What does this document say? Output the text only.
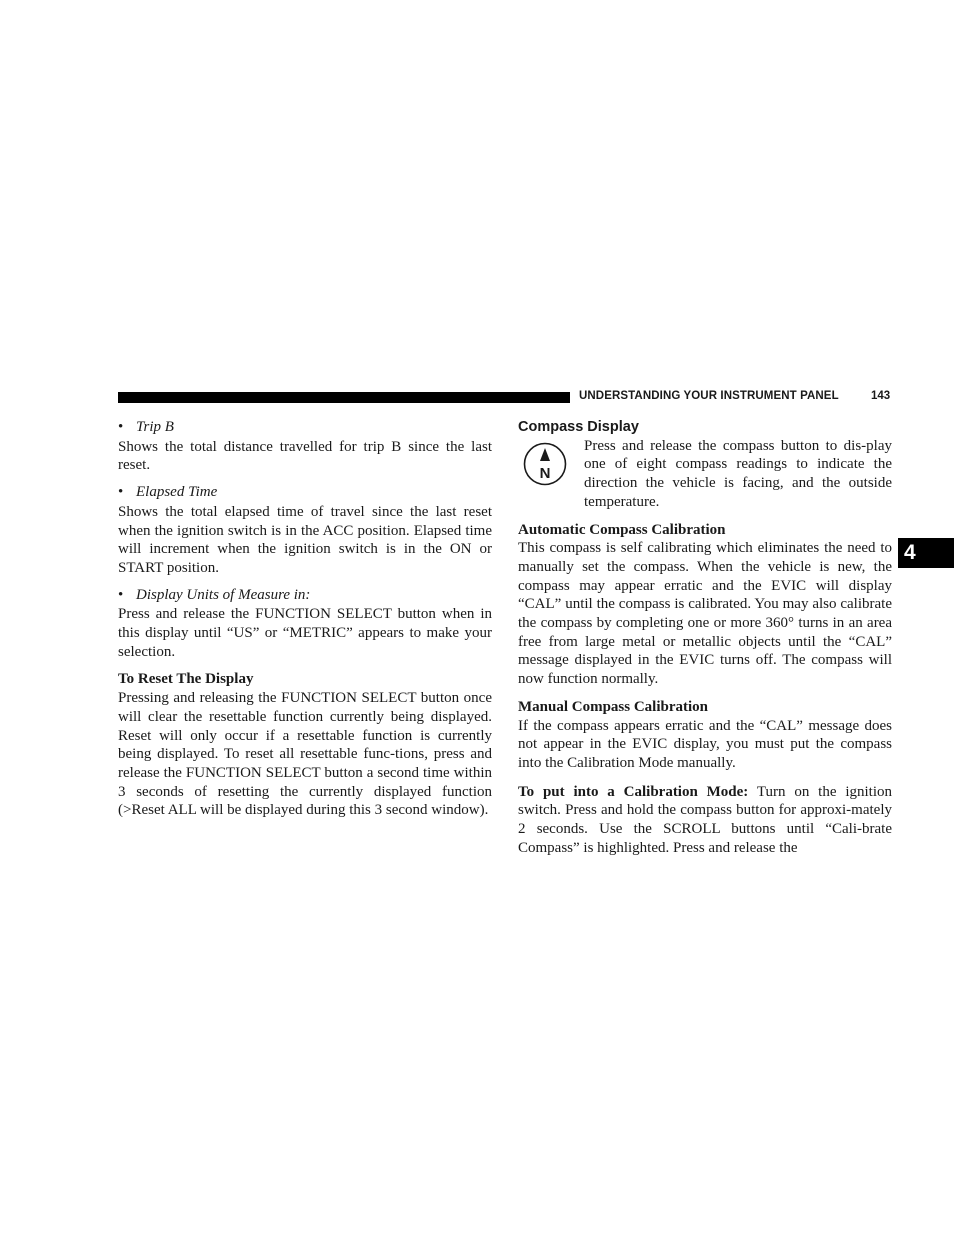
UNDERSTANDING YOUR INSTRUMENT PANEL	143
4

• Trip B

Shows the total distance travelled for trip B since the last reset.

• Elapsed Time

Shows the total elapsed time of travel since the last reset when the ignition switch is in the ACC position. Elapsed time will increment when the ignition switch is in the ON or START position.

• Display Units of Measure in:

Press and release the FUNCTION SELECT button when in this display until “US” or “METRIC” appears to make your selection.

To Reset The Display

Pressing and releasing the FUNCTION SELECT button once will clear the resettable function currently being displayed. Reset will only occur if a resettable function is currently being displayed. To reset all resettable func-tions, press and release the FUNCTION SELECT button a second time within 3 seconds of resetting the currently displayed function (>Reset ALL will be displayed during this 3 second window).

Compass Display

N

Press and release the compass button to dis-play one of eight compass readings to indicate the direction the vehicle is facing, and the outside temperature.

Automatic Compass Calibration

This compass is self calibrating which eliminates the need to manually set the compass. When the vehicle is new, the compass may appear erratic and the EVIC will display “CAL” until the compass is calibrated. You may also calibrate the compass by completing one or more 360° turns in an area free from large metal or metallic objects until the “CAL” message displayed in the EVIC turns off. The compass will now function normally.

Manual Compass Calibration

If the compass appears erratic and the “CAL” message does not appear in the EVIC display, you must put the compass into the Calibration Mode manually.

To put into a Calibration Mode: Turn on the ignition switch. Press and hold the compass button for approxi-mately 2 seconds. Use the SCROLL buttons until “Cali-brate Compass” is highlighted. Press and release the
